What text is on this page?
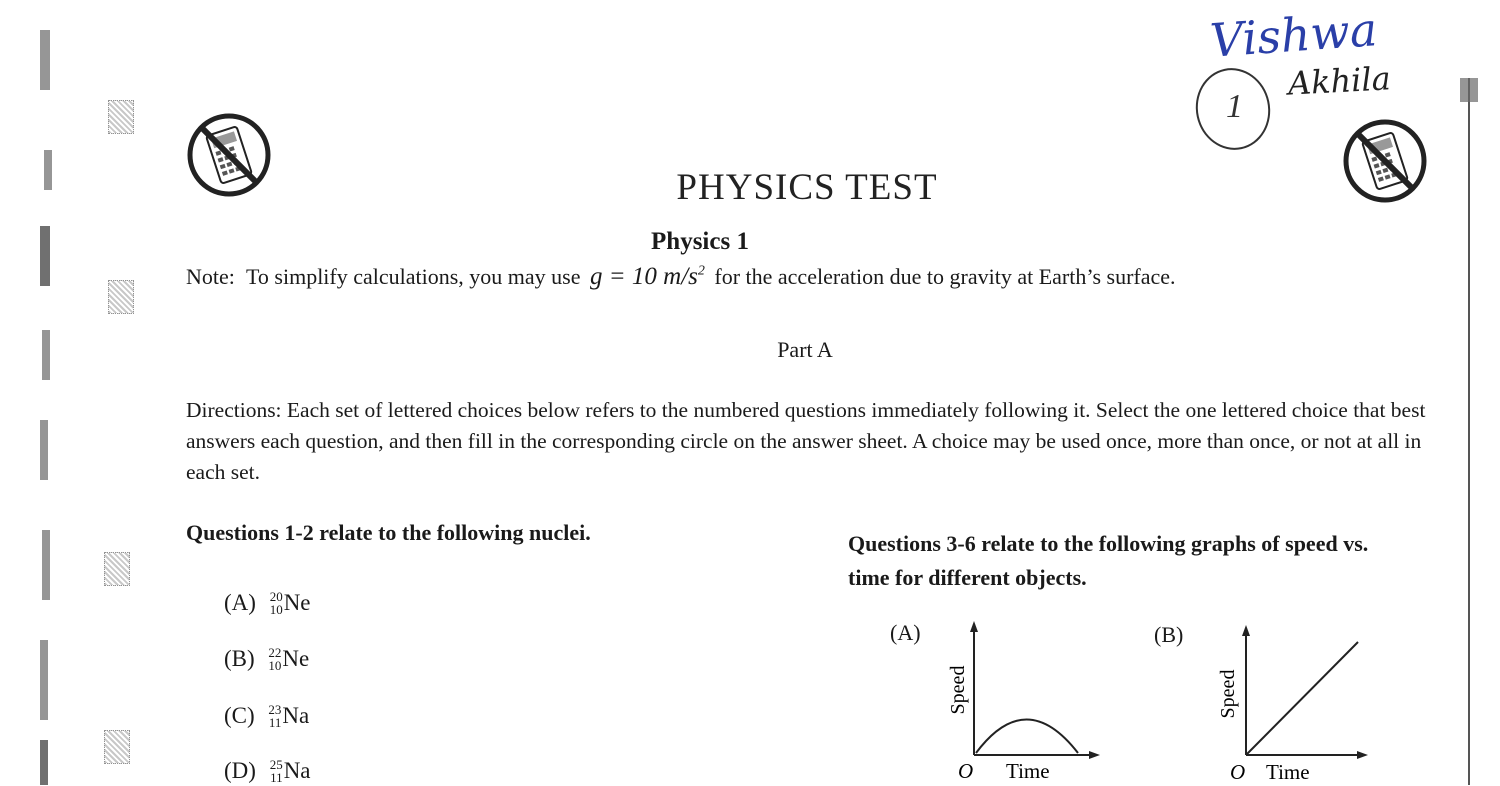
Vishwa
Akhila
1
PHYSICS TEST
Physics 1
Note: To simplify calculations, you may use g = 10 $m/s^2$ for the acceleration due to gravity at Earth’s surface.
Part A
Directions: Each set of lettered choices below refers to the numbered questions immediately following it. Select the one lettered choice that best answers each question, and then fill in the corresponding circle on the answer sheet. A choice may be used once, more than once, or not at all in each set.
Questions 1-2 relate to the following nuclei.
(A) 20
10 Ne
(B) 22
10 Ne
(C) 23
11 Na
(D) 25
11 Na
Questions 3-6 relate to the following graphs of speed vs. time for different objects.
(A)
Speed
O Time
(B)
Speed
O Time
